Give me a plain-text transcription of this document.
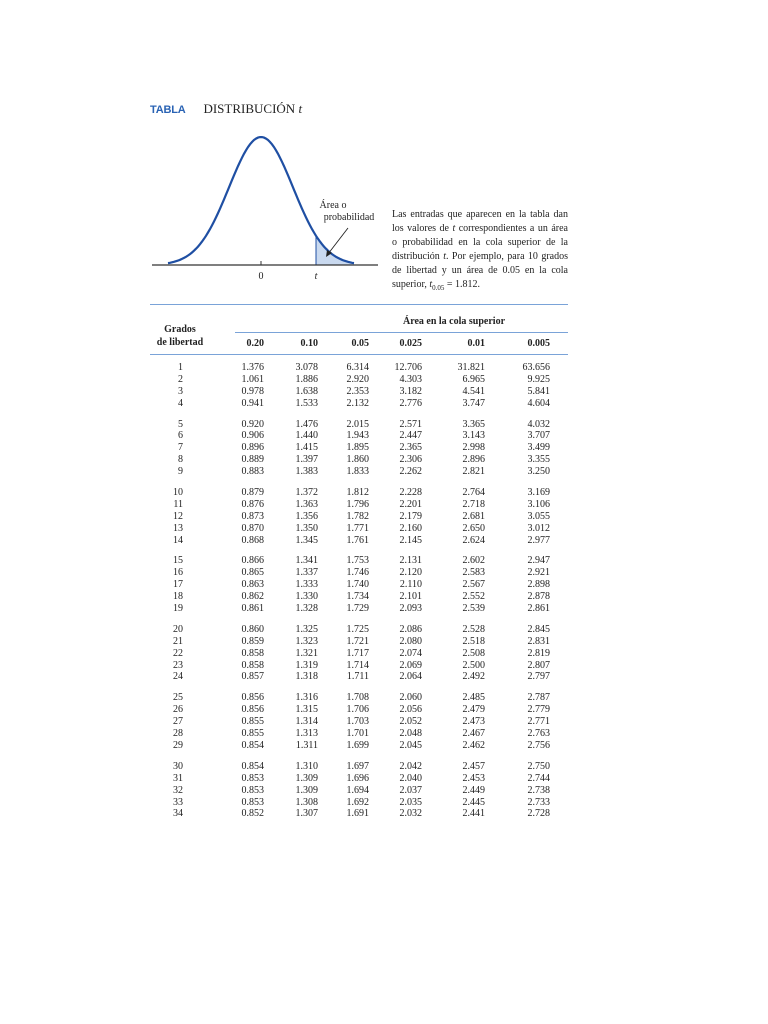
TABLA DISTRIBUCIÓN t
Área o
probabilidad
0	t
Las entradas que aparecen en la tabla dan los valores de t correspondientes a un área o probabilidad en la cola superior de la distribución t. Por ejemplo, para 10 grados de libertad y un área de 0.05 en la cola superior, $t_{0.05} = 1.812$.
Grados
de libertad
Área en la cola superior
0.20	0.10	0.05	0.025	0.01	0.005
1	1.376	3.078	6.314	12.706	31.821	63.656
2	1.061	1.886	2.920	4.303	6.965	9.925
3	0.978	1.638	2.353	3.182	4.541	5.841
4	0.941	1.533	2.132	2.776	3.747	4.604
5	0.920	1.476	2.015	2.571	3.365	4.032
6	0.906	1.440	1.943	2.447	3.143	3.707
7	0.896	1.415	1.895	2.365	2.998	3.499
8	0.889	1.397	1.860	2.306	2.896	3.355
9	0.883	1.383	1.833	2.262	2.821	3.250
10	0.879	1.372	1.812	2.228	2.764	3.169
11	0.876	1.363	1.796	2.201	2.718	3.106
12	0.873	1.356	1.782	2.179	2.681	3.055
13	0.870	1.350	1.771	2.160	2.650	3.012
14	0.868	1.345	1.761	2.145	2.624	2.977
15	0.866	1.341	1.753	2.131	2.602	2.947
16	0.865	1.337	1.746	2.120	2.583	2.921
17	0.863	1.333	1.740	2.110	2.567	2.898
18	0.862	1.330	1.734	2.101	2.552	2.878
19	0.861	1.328	1.729	2.093	2.539	2.861
20	0.860	1.325	1.725	2.086	2.528	2.845
21	0.859	1.323	1.721	2.080	2.518	2.831
22	0.858	1.321	1.717	2.074	2.508	2.819
23	0.858	1.319	1.714	2.069	2.500	2.807
24	0.857	1.318	1.711	2.064	2.492	2.797
25	0.856	1.316	1.708	2.060	2.485	2.787
26	0.856	1.315	1.706	2.056	2.479	2.779
27	0.855	1.314	1.703	2.052	2.473	2.771
28	0.855	1.313	1.701	2.048	2.467	2.763
29	0.854	1.311	1.699	2.045	2.462	2.756
30	0.854	1.310	1.697	2.042	2.457	2.750
31	0.853	1.309	1.696	2.040	2.453	2.744
32	0.853	1.309	1.694	2.037	2.449	2.738
33	0.853	1.308	1.692	2.035	2.445	2.733
34	0.852	1.307	1.691	2.032	2.441	2.728
